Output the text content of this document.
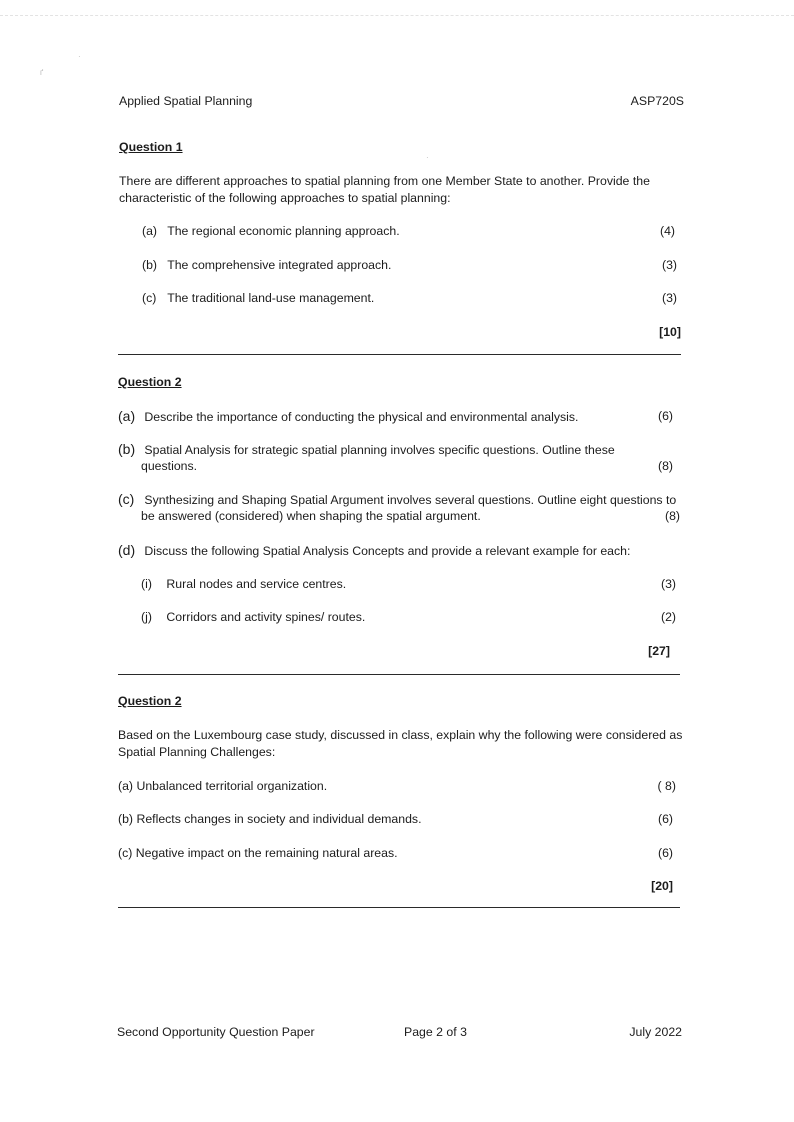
·
ґ
·
Applied Spatial Planning	ASP720S
Question 1
There are different approaches to spatial planning from one Member State to another. Provide the characteristic of the following approaches to spatial planning:
(a) The regional economic planning approach.	(4)
(b) The comprehensive integrated approach.	(3)
(c) The traditional land-use management.	(3)
[10]
Question 2
(a) Describe the importance of conducting the physical and environmental analysis.	(6)
(b) Spatial Analysis for strategic spatial planning involves specific questions. Outline these
questions.	(8)
(c) Synthesizing and Shaping Spatial Argument involves several questions. Outline eight questions to
be answered (considered) when shaping the spatial argument.	(8)
(d) Discuss the following Spatial Analysis Concepts and provide a relevant example for each:
(i) Rural nodes and service centres.	(3)
(j) Corridors and activity spines/ routes.	(2)
[27]
Question 2
Based on the Luxembourg case study, discussed in class, explain why the following were considered as Spatial Planning Challenges:
(a) Unbalanced territorial organization.	( 8)
(b) Reflects changes in society and individual demands.	(6)
(c) Negative impact on the remaining natural areas.	(6)
[20]
Second Opportunity Question Paper	Page 2 of 3	July 2022
